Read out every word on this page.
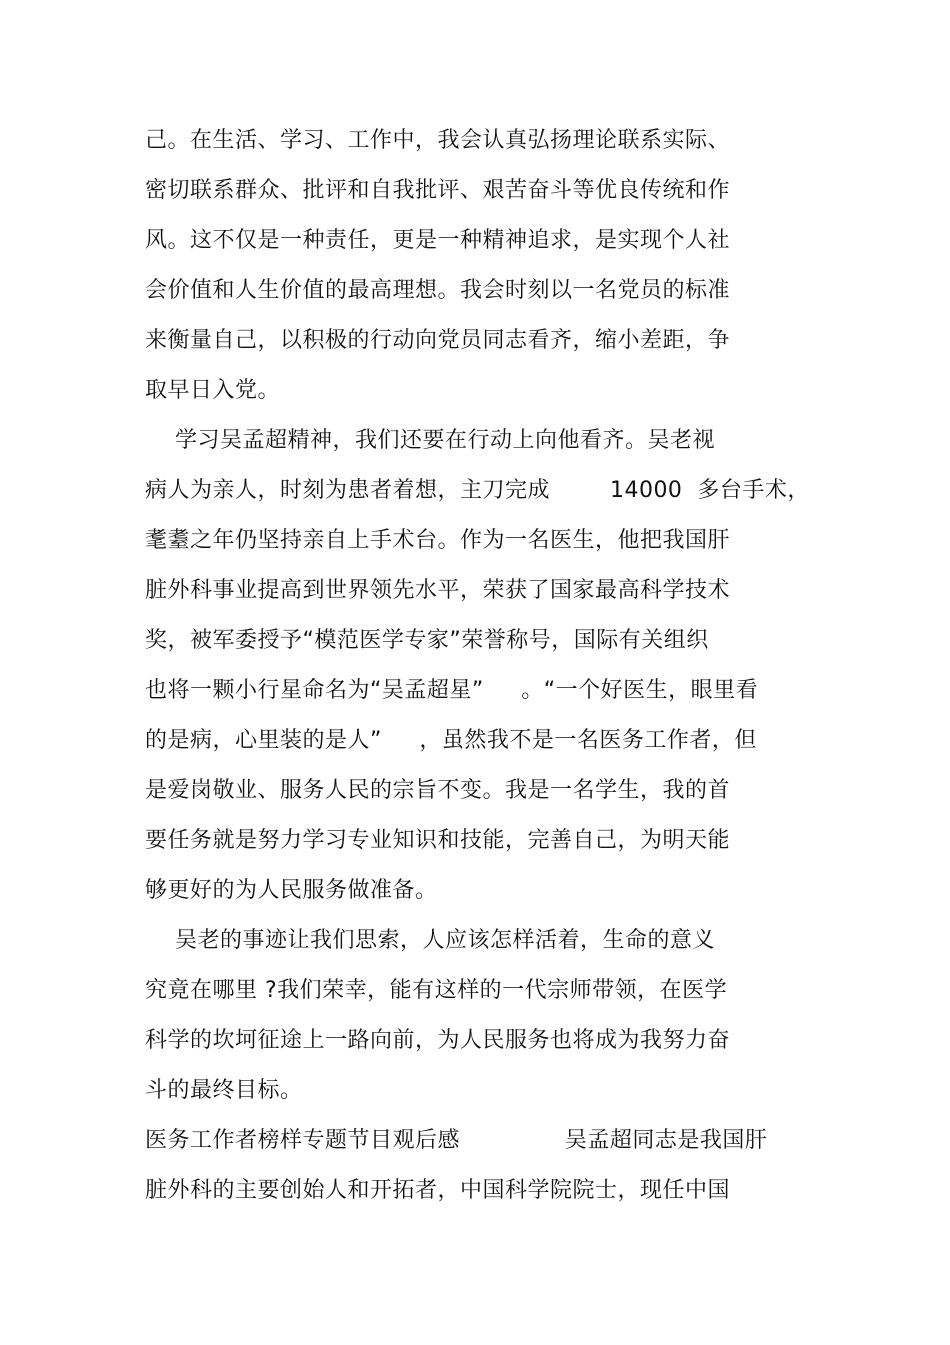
己。在生活、学习、工作中，我会认真弘扬理论联系实际、
密切联系群众、批评和自我批评、艰苦奋斗等优良传统和作
风。这不仅是一种责任，更是一种精神追求，是实现个人社
会价值和人生价值的最高理想。我会时刻以一名党员的标准
来衡量自己，以积极的行动向党员同志看齐，缩小差距，争
取早日入党。
学习吴孟超精神，我们还要在行动上向他看齐。吴老视
病人为亲人，时刻为患者着想，主刀完成        14000  多台手术，
耄耋之年仍坚持亲自上手术台。作为一名医生，他把我国肝
脏外科事业提高到世界领先水平，荣获了国家最高科学技术
奖，被军委授予“模范医学专家”荣誉称号，国际有关组织
也将一颗小行星命名为“吴孟超星”     。“一个好医生，眼里看
的是病，心里装的是人”     ，虽然我不是一名医务工作者，但
是爱岗敬业、服务人民的宗旨不变。我是一名学生，我的首
要任务就是努力学习专业知识和技能，完善自己，为明天能
够更好的为人民服务做准备。
吴老的事迹让我们思索，人应该怎样活着，生命的意义
究竟在哪里 ?我们荣幸，能有这样的一代宗师带领，在医学
科学的坎坷征途上一路向前，为人民服务也将成为我努力奋
斗的最终目标。
医务工作者榜样专题节目观后感              吴孟超同志是我国肝
脏外科的主要创始人和开拓者，中国科学院院士，现任中国
